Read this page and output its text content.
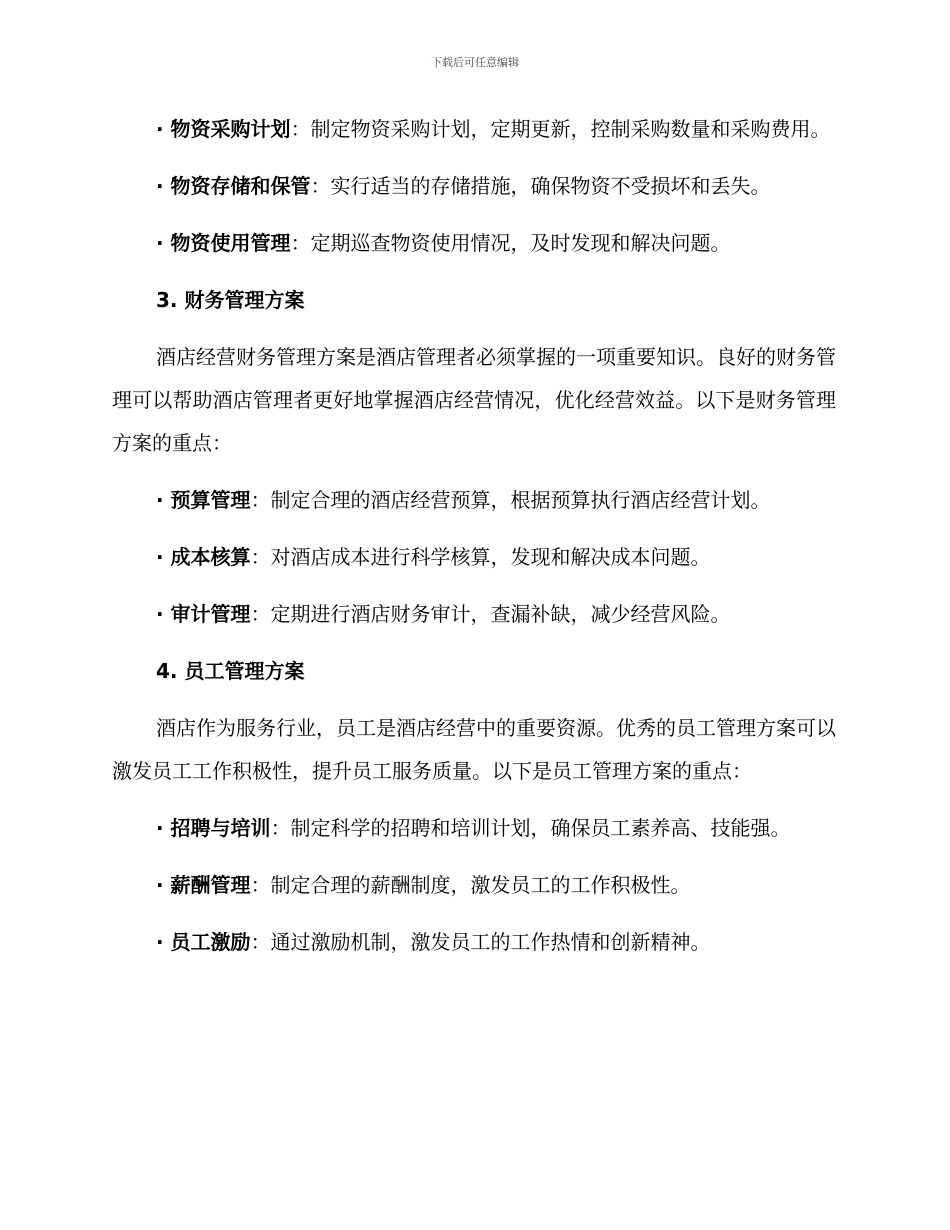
下载后可任意编辑

· 物资采购计划：制定物资采购计划，定期更新，控制采购数量和采购费用。

· 物资存储和保管：实行适当的存储措施，确保物资不受损坏和丢失。

· 物资使用管理：定期巡查物资使用情况，及时发现和解决问题。

3. 财务管理方案

酒店经营财务管理方案是酒店管理者必须掌握的一项重要知识。良好的财务管理可以帮助酒店管理者更好地掌握酒店经营情况，优化经营效益。以下是财务管理方案的重点：

· 预算管理：制定合理的酒店经营预算，根据预算执行酒店经营计划。

· 成本核算：对酒店成本进行科学核算，发现和解决成本问题。

· 审计管理：定期进行酒店财务审计，查漏补缺，减少经营风险。

4. 员工管理方案

酒店作为服务行业，员工是酒店经营中的重要资源。优秀的员工管理方案可以激发员工工作积极性，提升员工服务质量。以下是员工管理方案的重点：

· 招聘与培训：制定科学的招聘和培训计划，确保员工素养高、技能强。

· 薪酬管理：制定合理的薪酬制度，激发员工的工作积极性。

· 员工激励：通过激励机制，激发员工的工作热情和创新精神。
